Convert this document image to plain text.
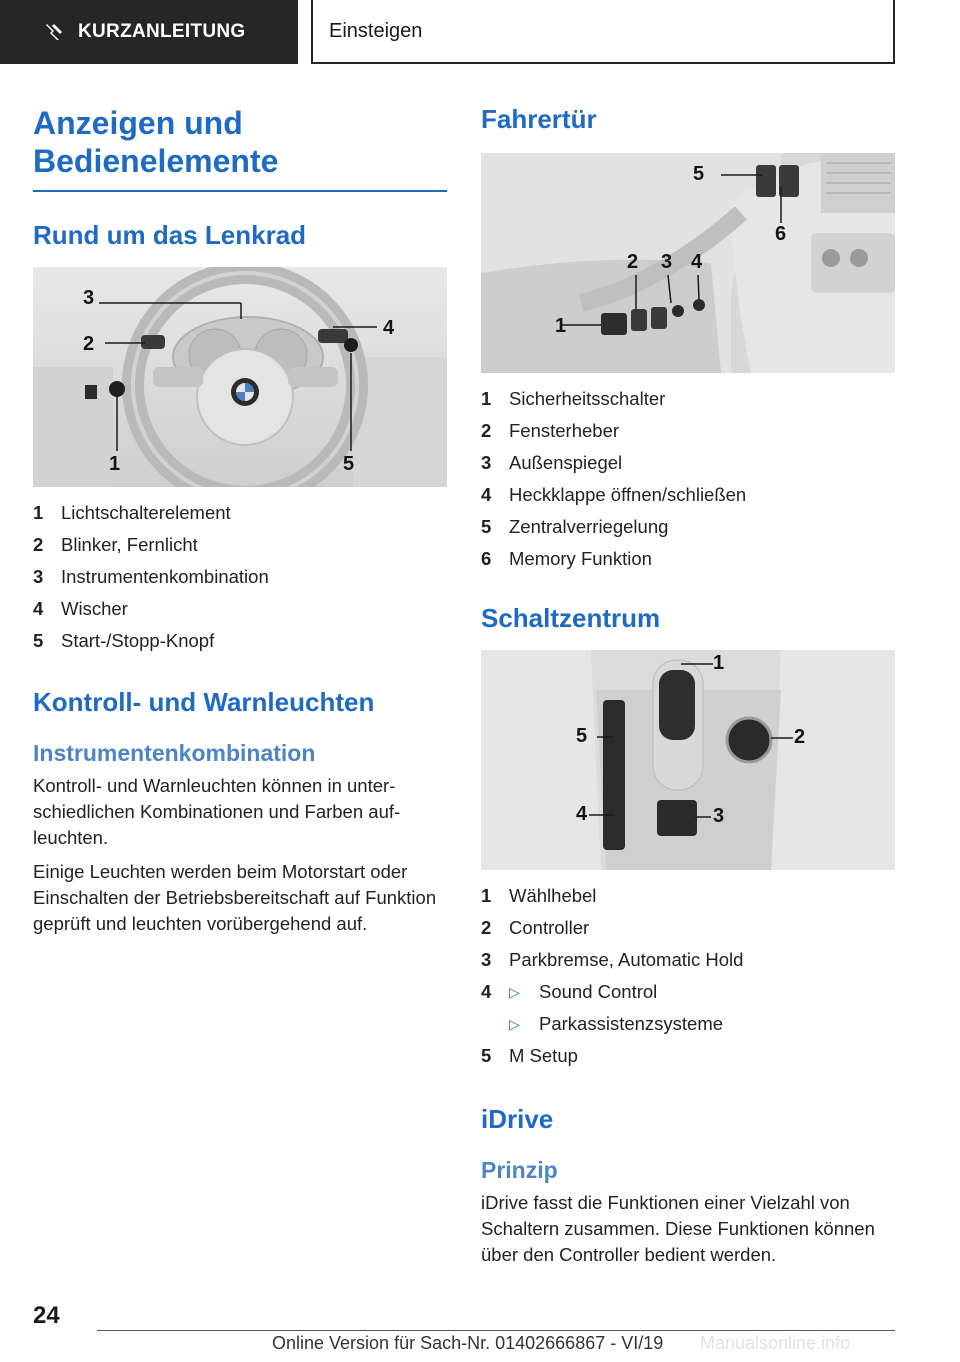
KURZANLEITUNG	Einsteigen
Anzeigen und
Bedienelemente
Rund um das Lenkrad
3
2
4
1	5
1 Lichtschalterelement
2 Blinker, Fernlicht
3 Instrumentenkombination
4 Wischer
5 Start-/Stopp-Knopf
Kontroll- und Warnleuchten
Instrumentenkombination

Kontroll- und Warnleuchten können in unterschiedlichen Kombinationen und Farben aufleuchten.

Einige Leuchten werden beim Motorstart oder Einschalten der Betriebsbereitschaft auf Funktion geprüft und leuchten vorübergehend auf.

Fahrertür
1
2 3 4
5
6
1 Sicherheitsschalter
2 Fensterheber
3 Außenspiegel
4 Heckklappe öffnen/schließen
5 Zentralverriegelung
6 Memory Funktion
Schaltzentrum
1
2
3
4
5
1 Wählhebel
2 Controller
3 Parkbremse, Automatic Hold
4	▷	Sound Control
▷	Parkassistenzsysteme
5 M Setup
iDrive
Prinzip

iDrive fasst die Funktionen einer Vielzahl von Schaltern zusammen. Diese Funktionen können über den Controller bedient werden.

24
Online Version für Sach-Nr. 01402666867 - VI/19 Manualsonline.info
